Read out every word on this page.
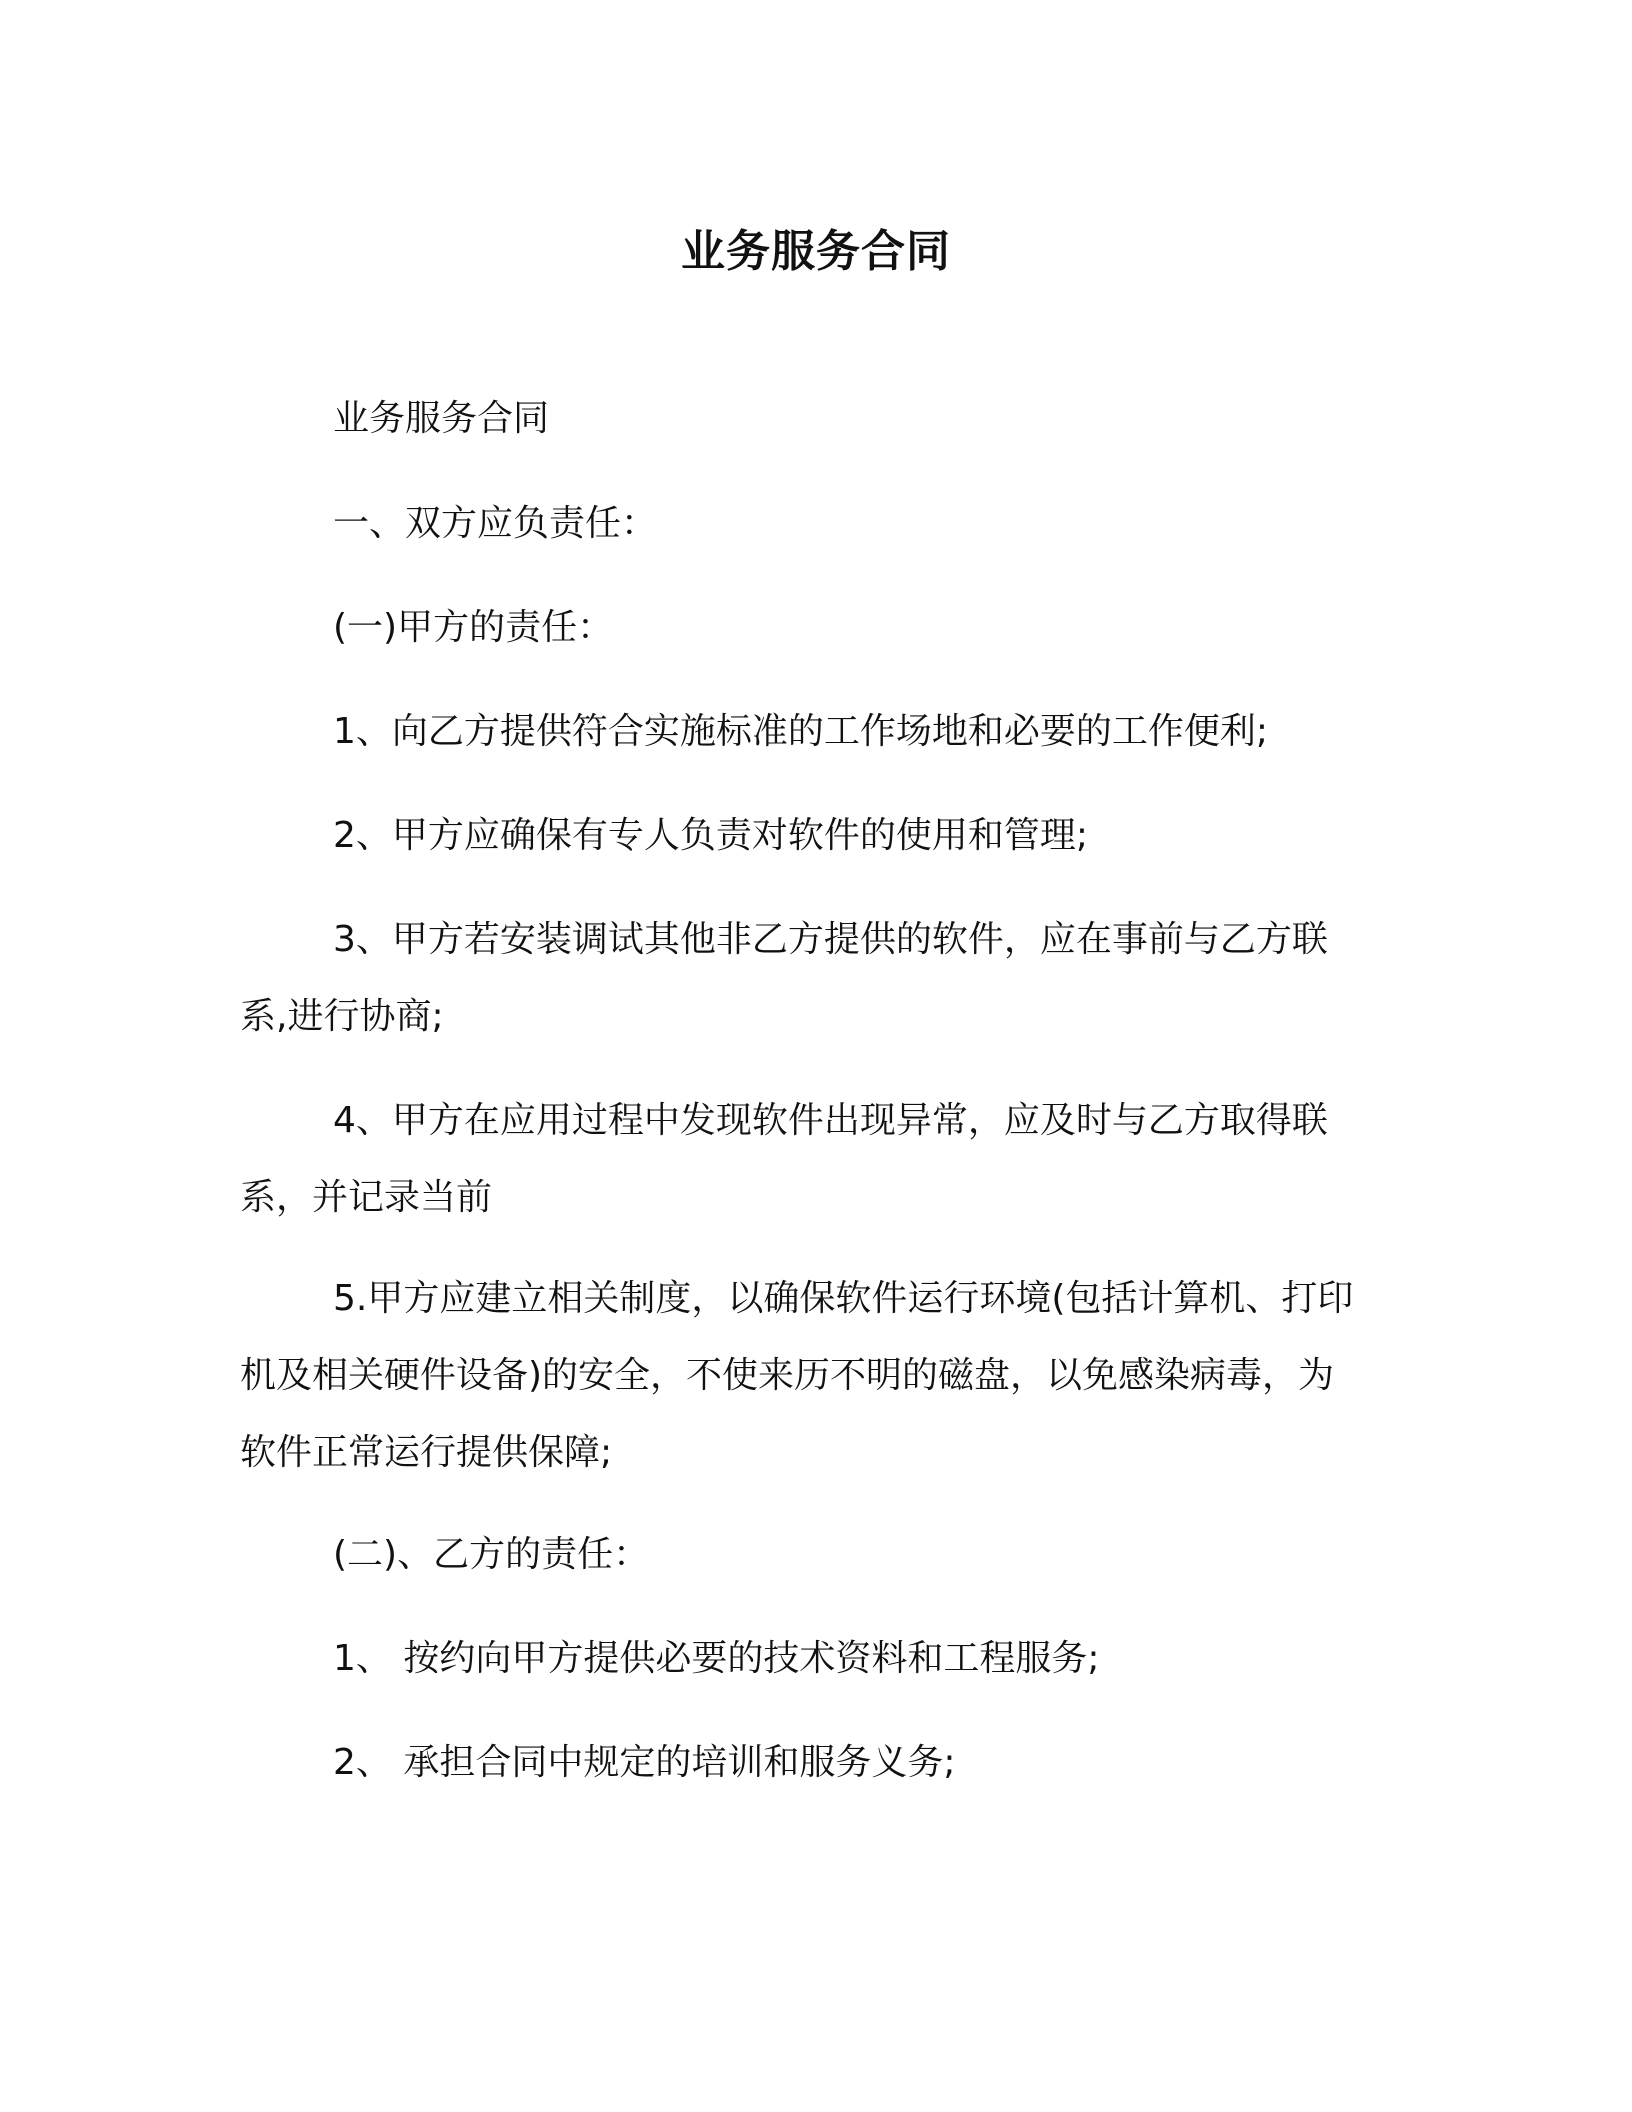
业务服务合同

业务服务合同

一、双方应负责任：

(一)甲方的责任：

1、向乙方提供符合实施标准的工作场地和必要的工作便利;

2、甲方应确保有专人负责对软件的使用和管理;

3、甲方若安装调试其他非乙方提供的软件，应在事前与乙方联
系,进行协商;

4、甲方在应用过程中发现软件出现异常，应及时与乙方取得联
系，并记录当前

5.甲方应建立相关制度，以确保软件运行环境(包括计算机、打印
机及相关硬件设备)的安全，不使来历不明的磁盘，以免感染病毒，为
软件正常运行提供保障;

(二)、乙方的责任：

1、 按约向甲方提供必要的技术资料和工程服务;

2、 承担合同中规定的培训和服务义务;
